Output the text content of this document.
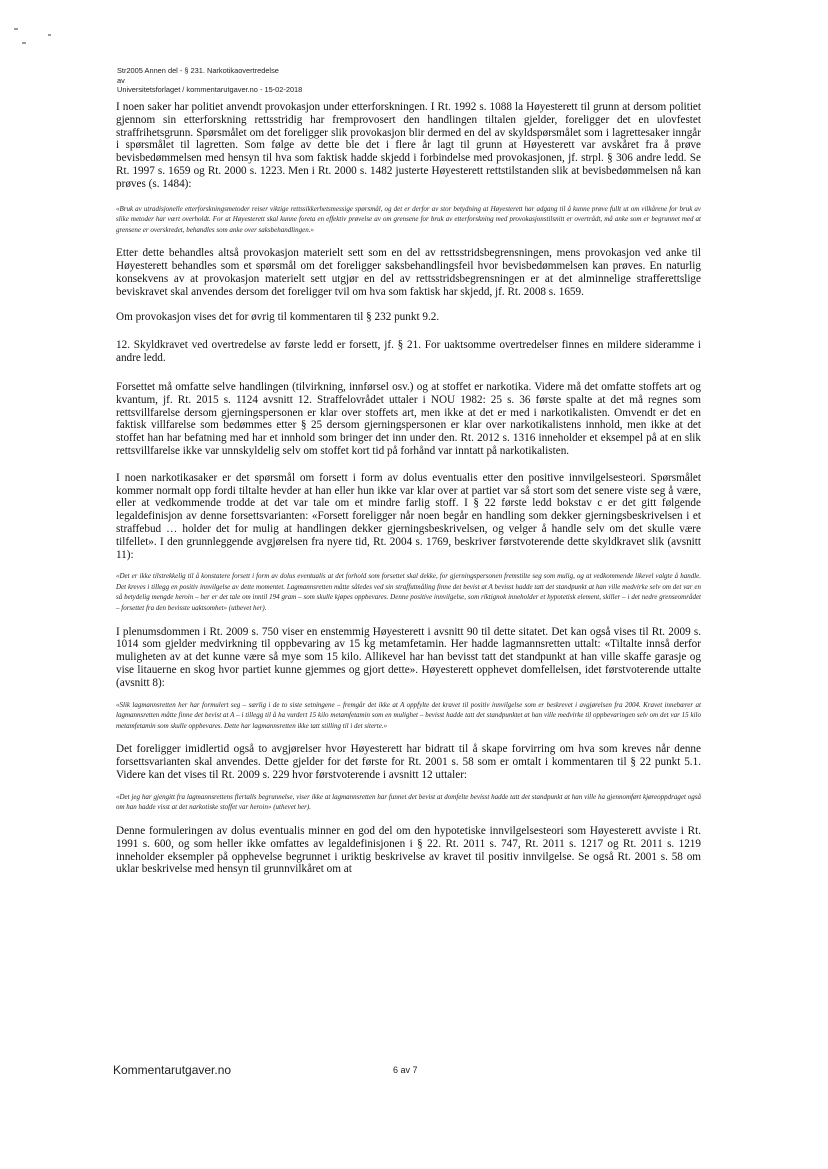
Str2005 Annen del - § 231. Narkotikaovertredelse
av
Universitetsforlaget / kommentarutgaver.no - 15-02-2018

I noen saker har politiet anvendt provokasjon under etterforskningen. I Rt. 1992 s. 1088 la Høyesterett til grunn at dersom politiet gjennom sin etterforskning rettsstridig har fremprovosert den handlingen tiltalen gjelder, foreligger det en ulovfestet straffrihetsgrunn. Spørsmålet om det foreligger slik provokasjon blir dermed en del av skyldspørsmålet som i lagrettesaker inngår i spørsmålet til lagretten. Som følge av dette ble det i flere år lagt til grunn at Høyesterett var avskåret fra å prøve bevisbedømmelsen med hensyn til hva som faktisk hadde skjedd i forbindelse med provokasjonen, jf. strpl. § 306 andre ledd. Se Rt. 1997 s. 1659 og Rt. 2000 s. 1223. Men i Rt. 2000 s. 1482 justerte Høyesterett rettstilstanden slik at bevisbedømmelsen nå kan prøves (s. 1484):

«Bruk av utradisjonelle etterforskningsmetoder reiser viktige rettssikkerhetsmessige spørsmål, og det er derfor av stor betydning at Høyesterett har adgang til å kunne prøve fullt ut om vilkårene for bruk av slike metoder har vært overholdt. For at Høyesterett skal kunne foreta en effektiv prøvelse av om grensene for bruk av etterforskning med provokasjonstilsnitt er overtrådt, må anke som er begrunnet med at grensene er overskredet, behandles som anke over saksbehandlingen.»

Etter dette behandles altså provokasjon materielt sett som en del av rettsstridsbegrensningen, mens provokasjon ved anke til Høyesterett behandles som et spørsmål om det foreligger saksbehandlingsfeil hvor bevisbedømmelsen kan prøves. En naturlig konsekvens av at provokasjon materielt sett utgjør en del av rettsstridsbegrensningen er at det alminnelige strafferettslige beviskravet skal anvendes dersom det foreligger tvil om hva som faktisk har skjedd, jf. Rt. 2008 s. 1659.

Om provokasjon vises det for øvrig til kommentaren til § 232 punkt 9.2.

12. Skyldkravet ved overtredelse av første ledd er forsett, jf. § 21. For uaktsomme overtredelser finnes en mildere sideramme i andre ledd.

Forsettet må omfatte selve handlingen (tilvirkning, innførsel osv.) og at stoffet er narkotika. Videre må det omfatte stoffets art og kvantum, jf. Rt. 2015 s. 1124 avsnitt 12. Straffelovrådet uttaler i NOU 1982: 25 s. 36 første spalte at det må regnes som rettsvillfarelse dersom gjerningspersonen er klar over stoffets art, men ikke at det er med i narkotikalisten. Omvendt er det en faktisk villfarelse som bedømmes etter § 25 dersom gjerningspersonen er klar over narkotikalistens innhold, men ikke at det stoffet han har befatning med har et innhold som bringer det inn under den. Rt. 2012 s. 1316 inneholder et eksempel på at en slik rettsvillfarelse ikke var unnskyldelig selv om stoffet kort tid på forhånd var inntatt på narkotikalisten.

I noen narkotikasaker er det spørsmål om forsett i form av dolus eventualis etter den positive innvilgelsesteori. Spørsmålet kommer normalt opp fordi tiltalte hevder at han eller hun ikke var klar over at partiet var så stort som det senere viste seg å være, eller at vedkommende trodde at det var tale om et mindre farlig stoff. I § 22 første ledd bokstav c er det gitt følgende legaldefinisjon av denne forsettsvarianten: «Forsett foreligger når noen begår en handling som dekker gjerningsbeskrivelsen i et straffebud … holder det for mulig at handlingen dekker gjerningsbeskrivelsen, og velger å handle selv om det skulle være tilfellet». I den grunnleggende avgjørelsen fra nyere tid, Rt. 2004 s. 1769, beskriver førstvoterende dette skyldkravet slik (avsnitt 11):

«Det er ikke tilstrekkelig til å konstatere forsett i form av dolus eventualis at det forhold som forsettet skal dekke, for gjerningspersonen fremstilte seg som mulig, og at vedkommende likevel valgte å handle. Det kreves i tillegg en positiv innvilgelse av dette momentet. Lagmannsretten måtte således ved sin straffutmåling finne det bevist at A bevisst hadde tatt det standpunkt at han ville medvirke selv om det var en så betydelig mengde heroin – her er det tale om inntil 194 gram – som skulle kjøpes oppbevares. Denne positive innvilgelse, som riktignok inneholder et hypotetisk element, skiller – i det nedre grenseområdet – forsettet fra den bevisste uaktsomhet» (uthevet her).

I plenumsdommen i Rt. 2009 s. 750 viser en enstemmig Høyesterett i avsnitt 90 til dette sitatet. Det kan også vises til Rt. 2009 s. 1014 som gjelder medvirkning til oppbevaring av 15 kg metamfetamin. Her hadde lagmannsretten uttalt: «Tiltalte innså derfor muligheten av at det kunne være så mye som 15 kilo. Allikevel har han bevisst tatt det standpunkt at han ville skaffe garasje og vise litauerne en skog hvor partiet kunne gjemmes og gjort dette». Høyesterett opphevet domfellelsen, idet førstvoterende uttalte (avsnitt 8):

«Slik lagmannsretten her har formulert seg – særlig i de to siste setningene – fremgår det ikke at A oppfylte det kravet til positiv innvilgelse som er beskrevet i avgjørelsen fra 2004. Kravet innebærer at lagmannsretten måtte finne det bevist at A – i tillegg til å ha vurdert 15 kilo metamfetamin som en mulighet – bevisst hadde tatt det standpunktet at han ville medvirke til oppbevaringen selv om det var 15 kilo metamfetamin som skulle oppbevares. Dette har lagmannsretten ikke tatt stilling til i det siterte.»

Det foreligger imidlertid også to avgjørelser hvor Høyesterett har bidratt til å skape forvirring om hva som kreves når denne forsettsvarianten skal anvendes. Dette gjelder for det første for Rt. 2001 s. 58 som er omtalt i kommentaren til § 22 punkt 5.1. Videre kan det vises til Rt. 2009 s. 229 hvor førstvoterende i avsnitt 12 uttaler:

«Det jeg har gjengitt fra lagmannsrettens flertalls begrunnelse, viser ikke at lagmannsretten har funnet det bevist at domfelte bevisst hadde tatt det standpunkt at han ville ha gjennomført kjøreoppdraget også om han hadde visst at det narkotiske stoffet var heroin» (uthevet her).

Denne formuleringen av dolus eventualis minner en god del om den hypotetiske innvilgelsesteori som Høyesterett avviste i Rt. 1991 s. 600, og som heller ikke omfattes av legaldefinisjonen i § 22. Rt. 2011 s. 747, Rt. 2011 s. 1217 og Rt. 2011 s. 1219 inneholder eksempler på opphevelse begrunnet i uriktig beskrivelse av kravet til positiv innvilgelse. Se også Rt. 2001 s. 58 om uklar beskrivelse med hensyn til grunnvilkåret om at

Kommentarutgaver.no	6 av 7
